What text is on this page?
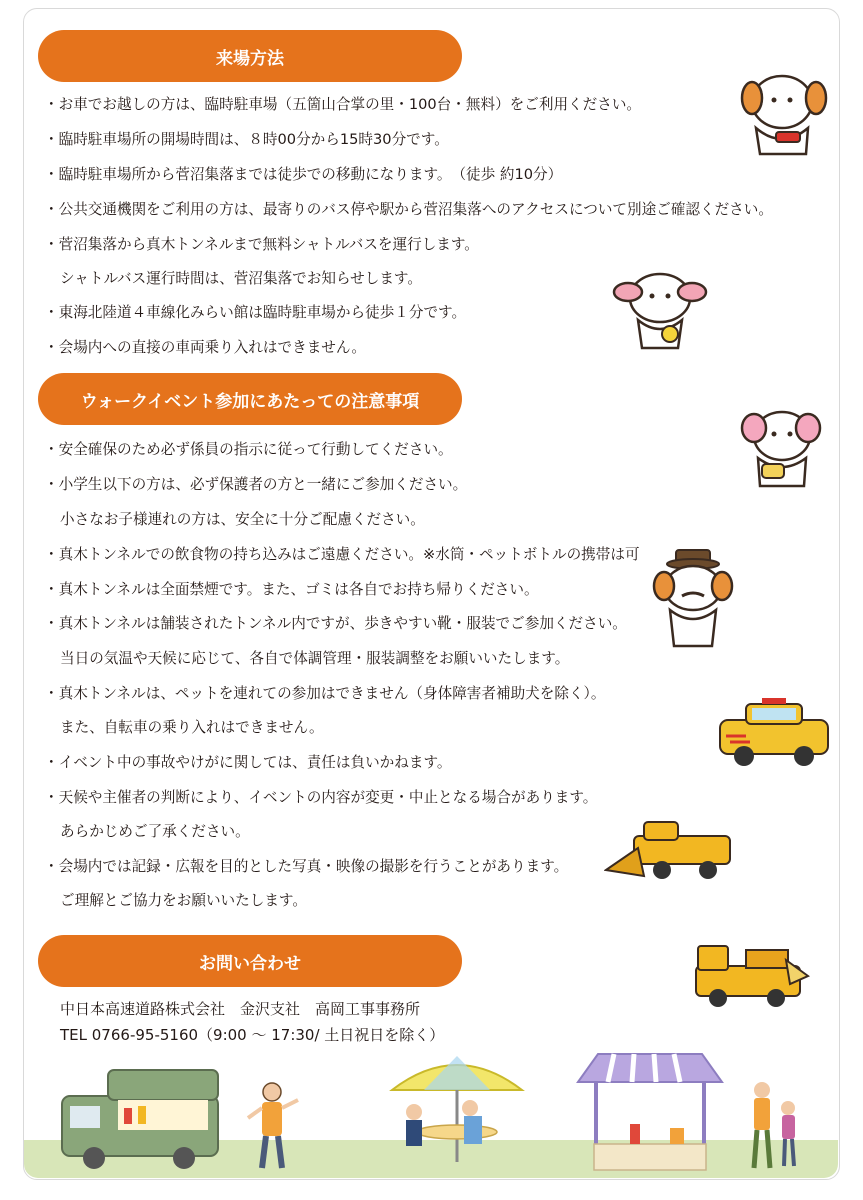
来場方法
・お車でお越しの方は、臨時駐車場（五箇山合掌の里・100台・無料）をご利用ください。
・臨時駐車場所の開場時間は、８時00分から15時30分です。
・臨時駐車場所から菅沼集落までは徒歩での移動になります。　（徒歩 約10分）
・公共交通機関をご利用の方は、最寄りのバス停や駅から菅沼集落へのアクセスについて別途ご確認ください。
・菅沼集落から真木トンネルまで無料シャトルバスを運行します。
シャトルバス運行時間は、菅沼集落でお知らせします。
・東海北陸道４車線化みらい館は臨時駐車場から徒歩１分です。
・会場内への直接の車両乗り入れはできません。
ウォークイベント参加にあたっての注意事項
・安全確保のため必ず係員の指示に従って行動してください。
・小学生以下の方は、必ず保護者の方と一緒にご参加ください。
小さなお子様連れの方は、安全に十分ご配慮ください。
・真木トンネルでの飲食物の持ち込みはご遠慮ください。※水筒・ペットボトルの携帯は可
・真木トンネルは全面禁煙です。また、ゴミは各自でお持ち帰りください。
・真木トンネルは舗装されたトンネル内ですが、歩きやすい靴・服装でご参加ください。
当日の気温や天候に応じて、各自で体調管理・服装調整をお願いいたします。
・真木トンネルは、ペットを連れての参加はできません（身体障害者補助犬を除く）。
また、自転車の乗り入れはできません。
・イベント中の事故やけがに関しては、責任は負いかねます。
・天候や主催者の判断により、イベントの内容が変更・中止となる場合があります。
あらかじめご了承ください。
・会場内では記録・広報を目的とした写真・映像の撮影を行うことがあります。
ご理解とご協力をお願いいたします。
お問い合わせ
中日本高速道路株式会社　金沢支社　高岡工事事務所
TEL 0766-95-5160（9:00 ～ 17:30/ 土日祝日を除く）
